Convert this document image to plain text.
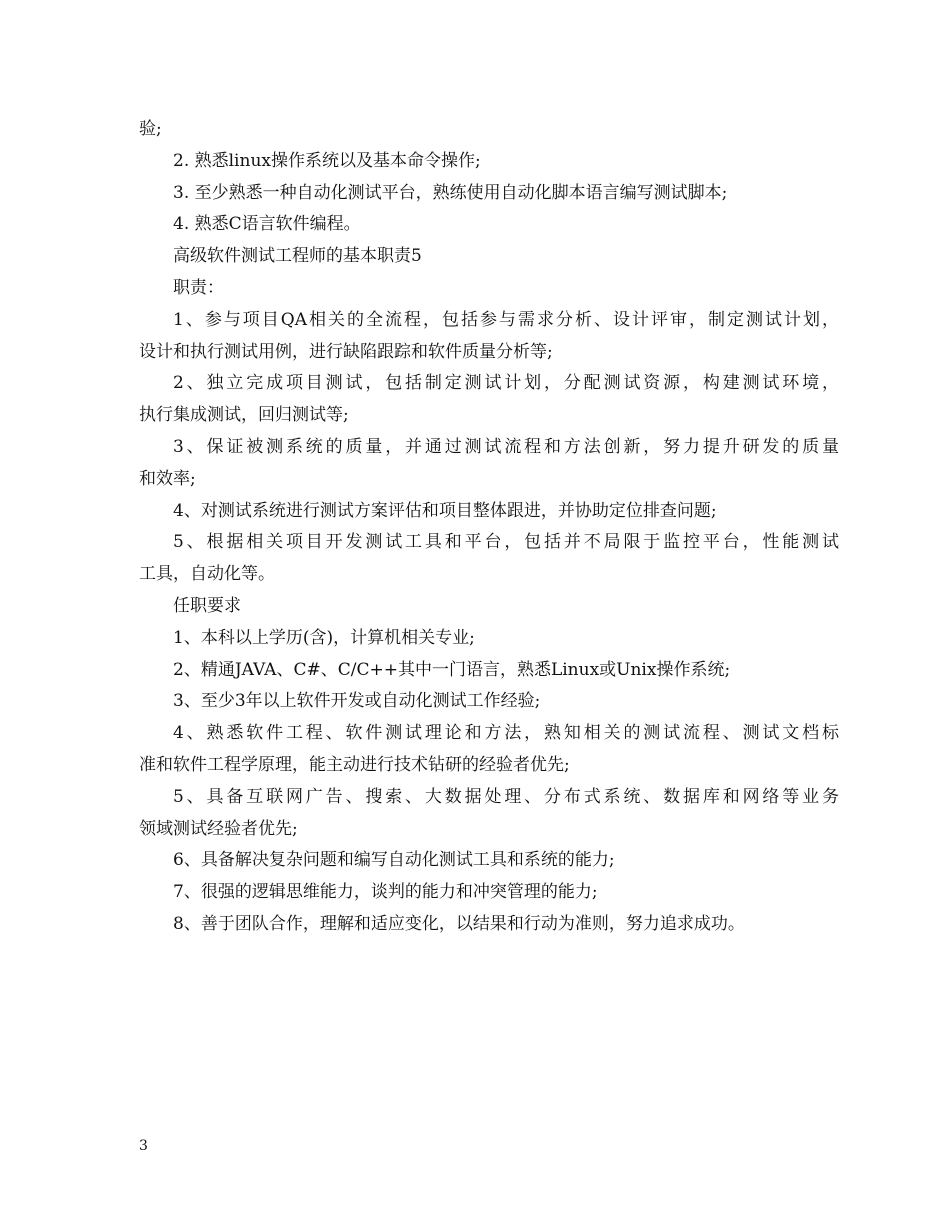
验;
2. 熟悉linux操作系统以及基本命令操作;
3. 至少熟悉一种自动化测试平台，熟练使用自动化脚本语言编写测试脚本;
4. 熟悉C语言软件编程。
高级软件测试工程师的基本职责5
职责：
1、参与项目QA相关的全流程，包括参与需求分析、设计评审，制定测试计划，
设计和执行测试用例，进行缺陷跟踪和软件质量分析等;
2、独立完成项目测试，包括制定测试计划，分配测试资源，构建测试环境，
执行集成测试，回归测试等;
3、保证被测系统的质量，并通过测试流程和方法创新，努力提升研发的质量
和效率;
4、对测试系统进行测试方案评估和项目整体跟进，并协助定位排查问题;
5、根据相关项目开发测试工具和平台，包括并不局限于监控平台，性能测试
工具，自动化等。
任职要求
1、本科以上学历(含)，计算机相关专业;
2、精通JAVA、C#、C/C++其中一门语言，熟悉Linux或Unix操作系统;
3、至少3年以上软件开发或自动化测试工作经验;
4、熟悉软件工程、软件测试理论和方法，熟知相关的测试流程、测试文档标
准和软件工程学原理，能主动进行技术钻研的经验者优先;
5、具备互联网广告、搜索、大数据处理、分布式系统、数据库和网络等业务
领域测试经验者优先;
6、具备解决复杂问题和编写自动化测试工具和系统的能力;
7、很强的逻辑思维能力，谈判的能力和冲突管理的能力;
8、善于团队合作，理解和适应变化，以结果和行动为准则，努力追求成功。
3
